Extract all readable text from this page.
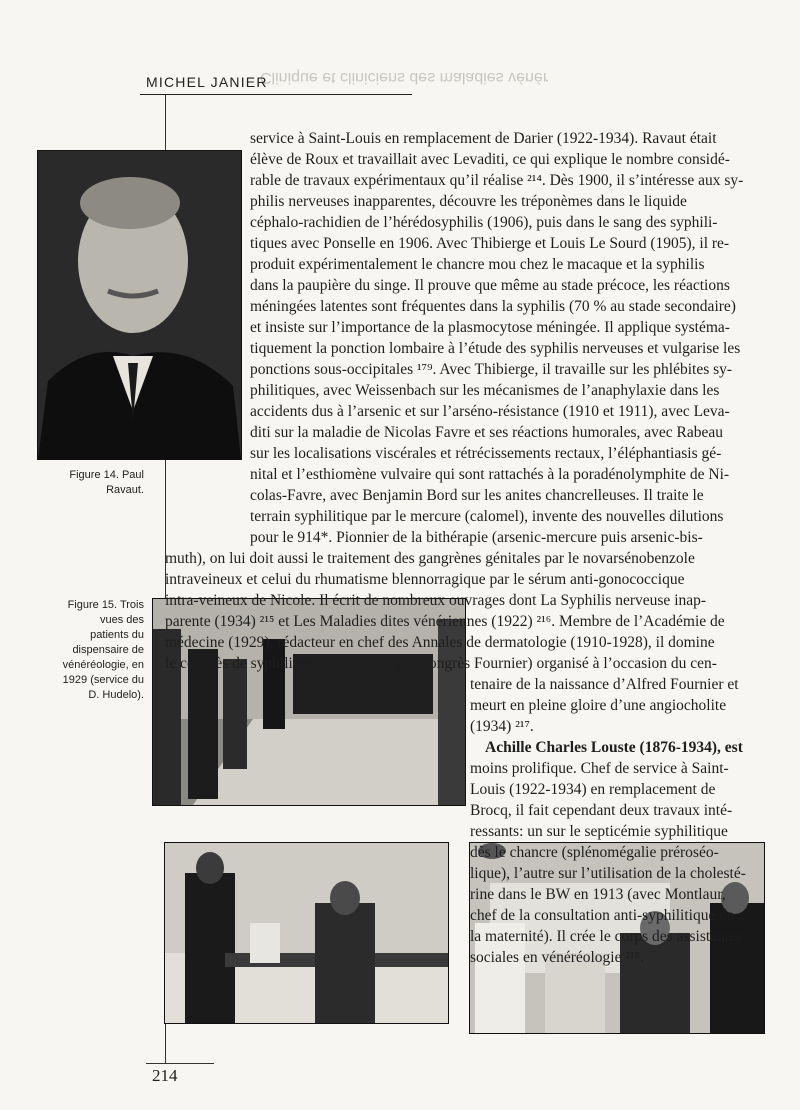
Clinique et cliniciens des maladies vénér
MICHEL JANIER
Figure 14. Paul Ravaut.
Figure 15. Trois vues des patients du dispensaire de vénéréologie, en 1929 (service du D. Hudelo).
service à Saint-Louis en remplacement de Darier (1922-1934). Ravaut était
élève de Roux et travaillait avec Levaditi, ce qui explique le nombre considé-
rable de travaux expérimentaux qu’il réalise ²¹⁴. Dès 1900, il s’intéresse aux sy-
philis nerveuses inapparentes, découvre les tréponèmes dans le liquide
céphalo-rachidien de l’hérédosyphilis (1906), puis dans le sang des syphili-
tiques avec Ponselle en 1906. Avec Thibierge et Louis Le Sourd (1905), il re-
produit expérimentalement le chancre mou chez le macaque et la syphilis
dans la paupière du singe. Il prouve que même au stade précoce, les réactions
méningées latentes sont fréquentes dans la syphilis (70 % au stade secondaire)
et insiste sur l’importance de la plasmocytose méningée. Il applique systéma-
tiquement la ponction lombaire à l’étude des syphilis nerveuses et vulgarise les
ponctions sous-occipitales ¹⁷⁹. Avec Thibierge, il travaille sur les phlébites sy-
philitiques, avec Weissenbach sur les mécanismes de l’anaphylaxie dans les
accidents dus à l’arsenic et sur l’arséno-résistance (1910 et 1911), avec Leva-
diti sur la maladie de Nicolas Favre et ses réactions humorales, avec Rabeau
sur les localisations viscérales et rétrécissements rectaux, l’éléphantiasis gé-
nital et l’esthiomène vulvaire qui sont rattachés à la poradénolymphite de Ni-
colas-Favre, avec Benjamin Bord sur les anites chancrelleuses. Il traite le
terrain syphilitique par le mercure (calomel), invente des nouvelles dilutions
pour le 914*. Pionnier de la bithérapie (arsenic-mercure puis arsenic-bis-
muth), on lui doit aussi le traitement des gangrènes génitales par le novarsénobenzole
intraveineux et celui du rhumatisme blennorragique par le sérum anti-gonococcique
intra-veineux de Nicole. Il écrit de nombreux ouvrages dont La Syphilis nerveuse inap-
parente (1934) ²¹⁵ et Les Maladies dites vénériennes (1922) ²¹⁶. Membre de l’Académie de
médecine (1929), rédacteur en chef des Annales de dermatologie (1910-1928), il domine
le congrès de syphiligraphie de 1932 (dit congrès Fournier) organisé à l’occasion du cen-
tenaire de la naissance d’Alfred Fournier et
meurt en pleine gloire d’une angiocholite
(1934) ²¹⁷.
Achille Charles Louste (1876-1934), est
moins prolifique. Chef de service à Saint-
Louis (1922-1934) en remplacement de
Brocq, il fait cependant deux travaux inté-
ressants: un sur le septicémie syphilitique
dès le chancre (splénomégalie préroséo-
lique), l’autre sur l’utilisation de la cholesté-
rine dans le BW en 1913 (avec Montlaur,
chef de la consultation anti-syphilitique de
la maternité). Il crée le corps des assistantes
sociales en vénéréologie ²¹⁸.
214
